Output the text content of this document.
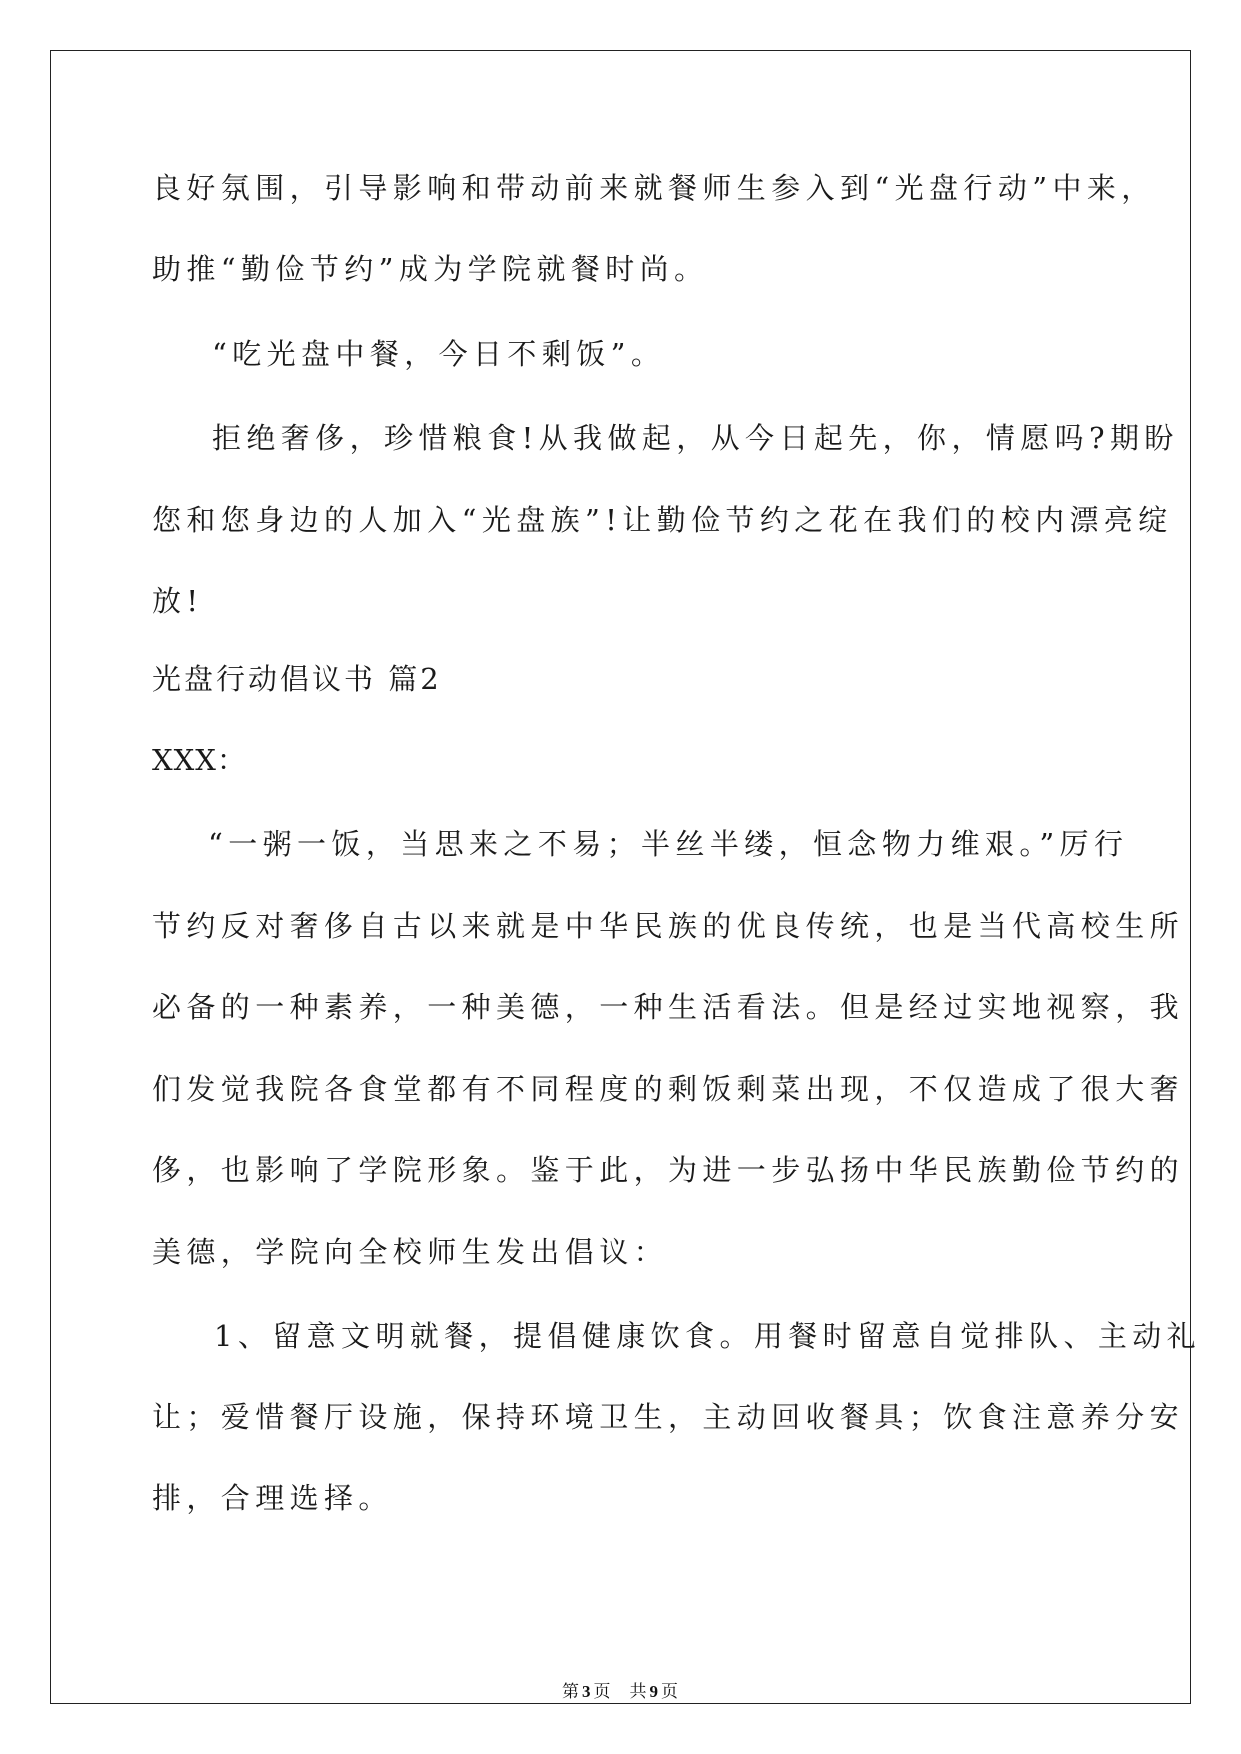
良好氛围，引导影响和带动前来就餐师生参入到“光盘行动”中来，
助推“勤俭节约”成为学院就餐时尚。
“吃光盘中餐，今日不剩饭”。
拒绝奢侈，珍惜粮食!从我做起，从今日起先，你，情愿吗?期盼
您和您身边的人加入“光盘族”!让勤俭节约之花在我们的校内漂亮绽
放!
光盘行动倡议书 篇2
XXX：
“一粥一饭，当思来之不易；半丝半缕，恒念物力维艰。”厉行
节约反对奢侈自古以来就是中华民族的优良传统，也是当代高校生所
必备的一种素养，一种美德，一种生活看法。但是经过实地视察，我
们发觉我院各食堂都有不同程度的剩饭剩菜出现，不仅造成了很大奢
侈，也影响了学院形象。鉴于此，为进一步弘扬中华民族勤俭节约的
美德，学院向全校师生发出倡议：
1、留意文明就餐，提倡健康饮食。用餐时留意自觉排队、主动礼
让；爱惜餐厅设施，保持环境卫生，主动回收餐具；饮食注意养分安
排，合理选择。
第 3 页 共 9 页
